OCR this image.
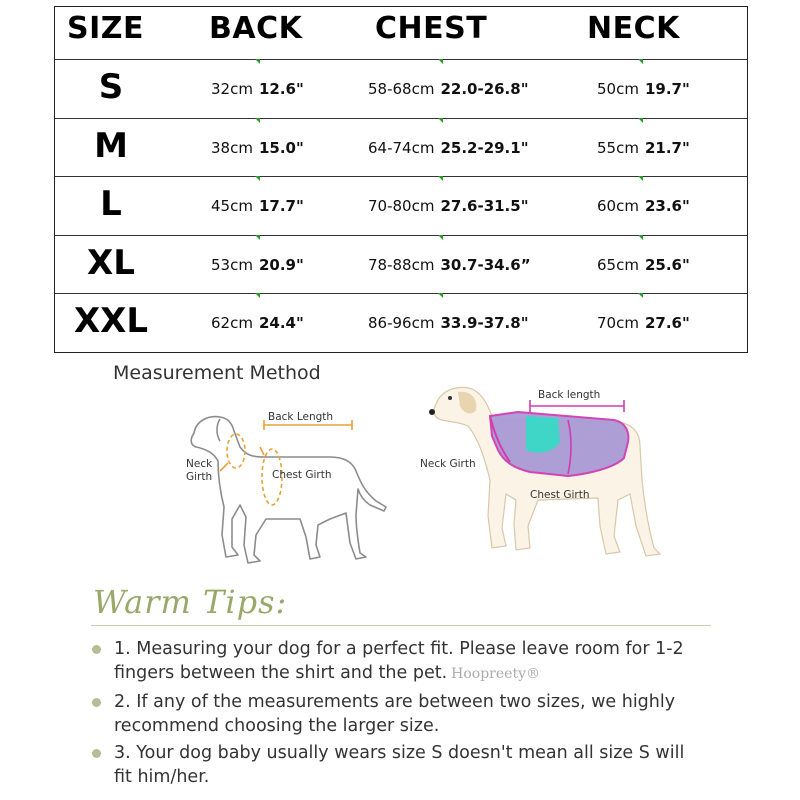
SIZE BACK CHEST	NECK
S	32cm 12.6"	58-68cm 22.0-26.8"	50cm 19.7"
M	38cm 15.0"	64-74cm 25.2-29.1"	55cm 21.7"
L	45cm 17.7"	70-80cm 27.6-31.5"	60cm 23.6"
XL	53cm 20.9"	78-88cm 30.7-34.6”	65cm 25.6"
XXL	62cm 24.4"	86-96cm 33.9-37.8"	70cm 27.6"
Measurement Method
Back Length
Neck
Girth	Chest Girth
Back length
Neck Girth
Chest Girth
Warm Tips:
1. Measuring your dog for a perfect fit. Please leave room for 1-2
fingers between the shirt and the pet. Hoopreety®
2. If any of the measurements are between two sizes, we highly
recommend choosing the larger size.
3. Your dog baby usually wears size S doesn't mean all size S will
fit him/her.
